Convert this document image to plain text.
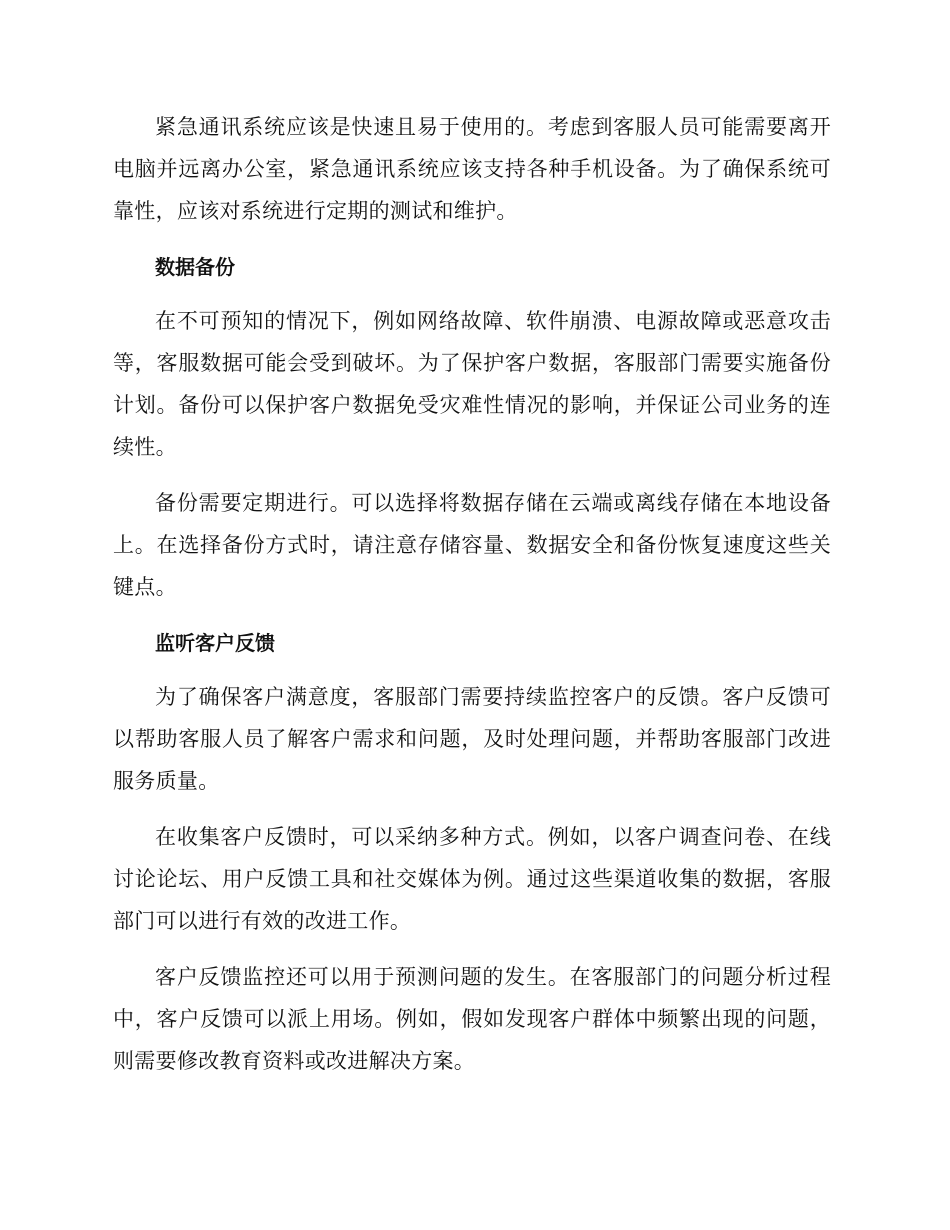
紧急通讯系统应该是快速且易于使用的。考虑到客服人员可能需要离开电脑并远离办公室，紧急通讯系统应该支持各种手机设备。为了确保系统可靠性，应该对系统进行定期的测试和维护。

数据备份

在不可预知的情况下，例如网络故障、软件崩溃、电源故障或恶意攻击等，客服数据可能会受到破坏。为了保护客户数据，客服部门需要实施备份计划。备份可以保护客户数据免受灾难性情况的影响，并保证公司业务的连续性。

备份需要定期进行。可以选择将数据存储在云端或离线存储在本地设备上。在选择备份方式时，请注意存储容量、数据安全和备份恢复速度这些关键点。

监听客户反馈

为了确保客户满意度，客服部门需要持续监控客户的反馈。客户反馈可以帮助客服人员了解客户需求和问题，及时处理问题，并帮助客服部门改进服务质量。

在收集客户反馈时，可以采纳多种方式。例如，以客户调查问卷、在线讨论论坛、用户反馈工具和社交媒体为例。通过这些渠道收集的数据，客服部门可以进行有效的改进工作。

客户反馈监控还可以用于预测问题的发生。在客服部门的问题分析过程中，客户反馈可以派上用场。例如，假如发现客户群体中频繁出现的问题，则需要修改教育资料或改进解决方案。
